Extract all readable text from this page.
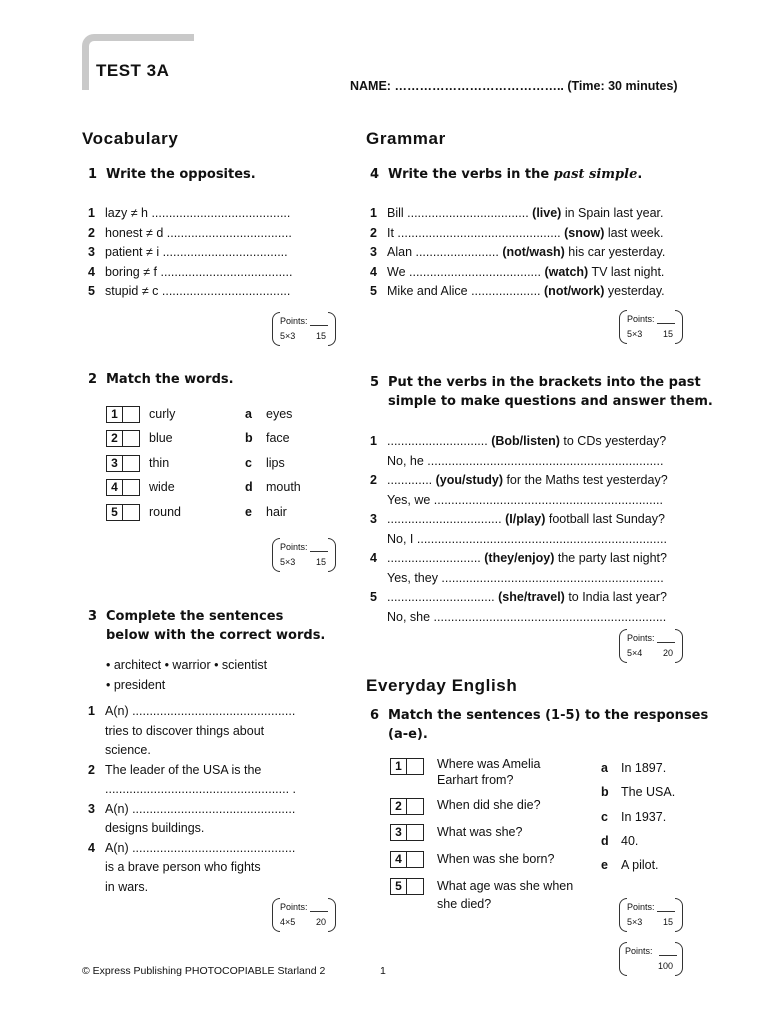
TEST 3A
NAME: ………………………………….. (Time: 30 minutes)
Vocabulary
1 Write the opposites.
1 lazy ≠ h ........................................
2 honest ≠ d ....................................
3 patient ≠ i ....................................
4 boring ≠ f ......................................
5 stupid ≠ c .....................................
Points:
5×3 15
2 Match the words.
1	curly	a eyes
2	blue	b face
3	thin	c lips
4	wide	d mouth
5	round	e hair
Points:
5×3 15
3 Complete the sentences
below with the correct words.
• architect • warrior • scientist
• president
1 A(n) ...............................................
tries to discover things about
science.
2 The leader of the USA is the
..................................................... .
3 A(n) ...............................................
designs buildings.
4 A(n) ...............................................
is a brave person who fights
in wars.
Points:
4×5 20
Grammar
4 Write the verbs in the past simple.
1 Bill ................................... (live) in Spain last year.
2 It ............................................... (snow) last week.
3 Alan ........................ (not/wash) his car yesterday.
4 We ...................................... (watch) TV last night.
5 Mike and Alice .................... (not/work) yesterday.
Points:
5×3 15
5 Put the verbs in the brackets into the past
simple to make questions and answer them.
1 ............................. (Bob/listen) to CDs yesterday?
No, he ....................................................................
2 ............. (you/study) for the Maths test yesterday?
Yes, we ..................................................................
3 ................................. (I/play) football last Sunday?
No, I ........................................................................
4 ........................... (they/enjoy) the party last night?
Yes, they ................................................................
5 ............................... (she/travel) to India last year?
No, she ...................................................................
Points:
5×4 20
Everyday English
6 Match the sentences (1-5) to the responses
(a-e).
1	Where was Amelia
Earhart from?
2	When did she die?
3	What was she?
4	When was she born?
5	What age was she when
she died?
a In 1897.
b The USA.
c In 1937.
d 40.
e A pilot.
Points:
5×3 15
Points:
100
© Express Publishing PHOTOCOPIABLE Starland 2	1
